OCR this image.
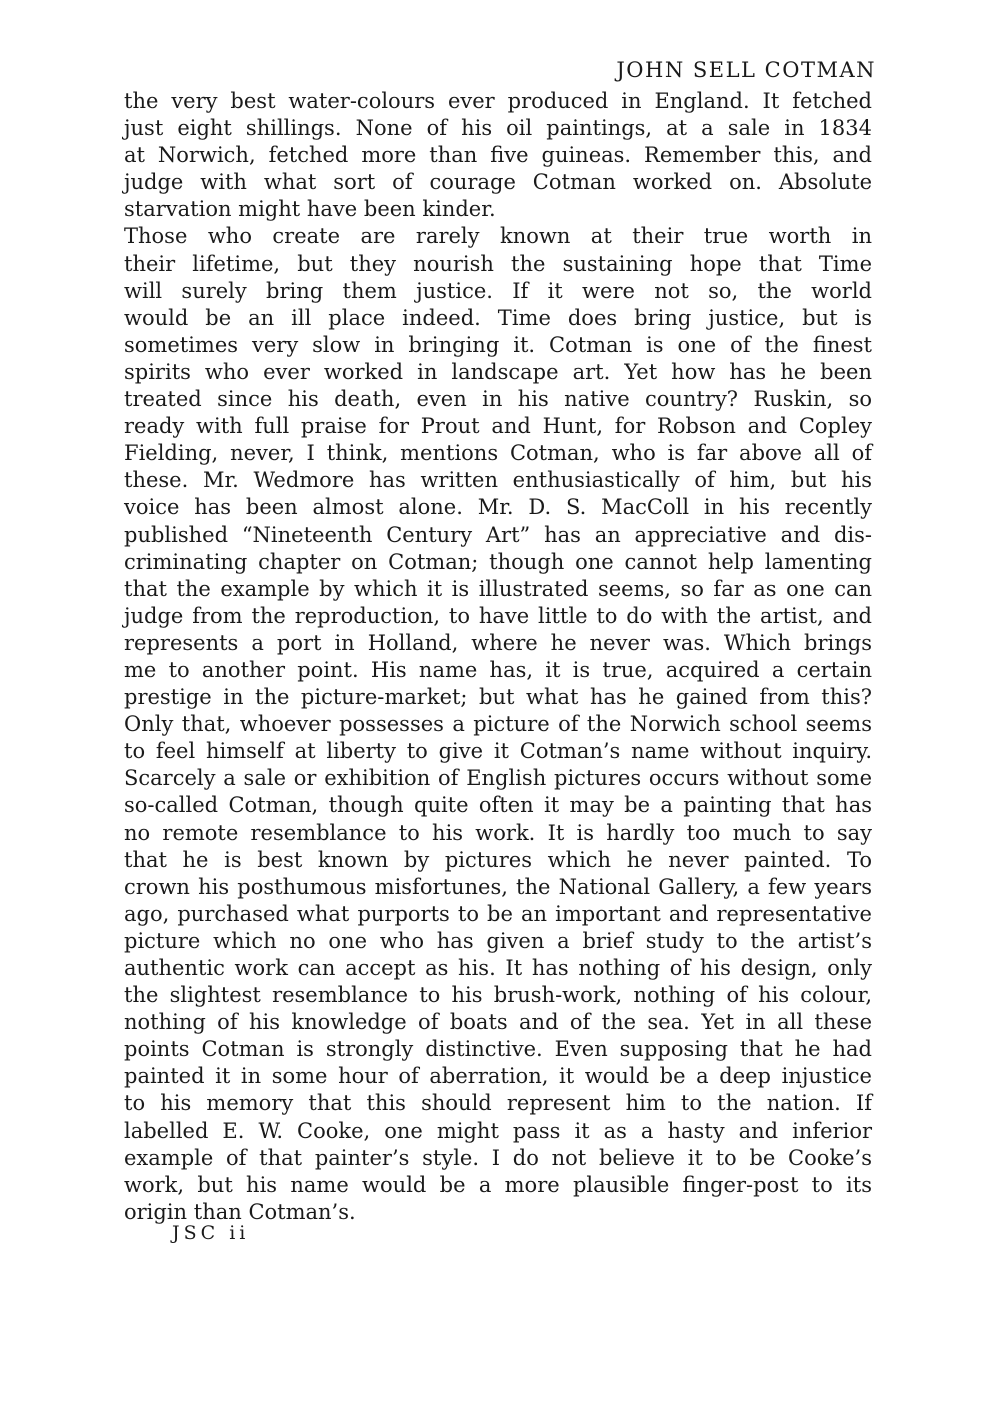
JOHN SELL COTMAN
the very best water-colours ever produced in England. It fetched
just eight shillings. None of his oil paintings, at a sale in 1834
at Norwich, fetched more than five guineas. Remember this, and
judge with what sort of courage Cotman worked on. Absolute
starvation might have been kinder.
Those who create are rarely known at their true worth in
their lifetime, but they nourish the sustaining hope that Time
will surely bring them justice. If it were not so, the world
would be an ill place indeed. Time does bring justice, but is
sometimes very slow in bringing it. Cotman is one of the finest
spirits who ever worked in landscape art. Yet how has he been
treated since his death, even in his native country? Ruskin, so
ready with full praise for Prout and Hunt, for Robson and Copley
Fielding, never, I think, mentions Cotman, who is far above all of
these. Mr. Wedmore has written enthusiastically of him, but his
voice has been almost alone. Mr. D. S. MacColl in his recently
published “Nineteenth Century Art” has an appreciative and dis-
criminating chapter on Cotman; though one cannot help lamenting
that the example by which it is illustrated seems, so far as one can
judge from the reproduction, to have little to do with the artist, and
represents a port in Holland, where he never was. Which brings
me to another point. His name has, it is true, acquired a certain
prestige in the picture-market; but what has he gained from this?
Only that, whoever possesses a picture of the Norwich school seems
to feel himself at liberty to give it Cotman’s name without inquiry.
Scarcely a sale or exhibition of English pictures occurs without some
so-called Cotman, though quite often it may be a painting that has
no remote resemblance to his work. It is hardly too much to say
that he is best known by pictures which he never painted. To
crown his posthumous misfortunes, the National Gallery, a few years
ago, purchased what purports to be an important and representative
picture which no one who has given a brief study to the artist’s
authentic work can accept as his. It has nothing of his design, only
the slightest resemblance to his brush-work, nothing of his colour,
nothing of his knowledge of boats and of the sea. Yet in all these
points Cotman is strongly distinctive. Even supposing that he had
painted it in some hour of aberration, it would be a deep injustice
to his memory that this should represent him to the nation. If
labelled E. W. Cooke, one might pass it as a hasty and inferior
example of that painter’s style. I do not believe it to be Cooke’s
work, but his name would be a more plausible finger-post to its
origin than Cotman’s.
JSC ii
